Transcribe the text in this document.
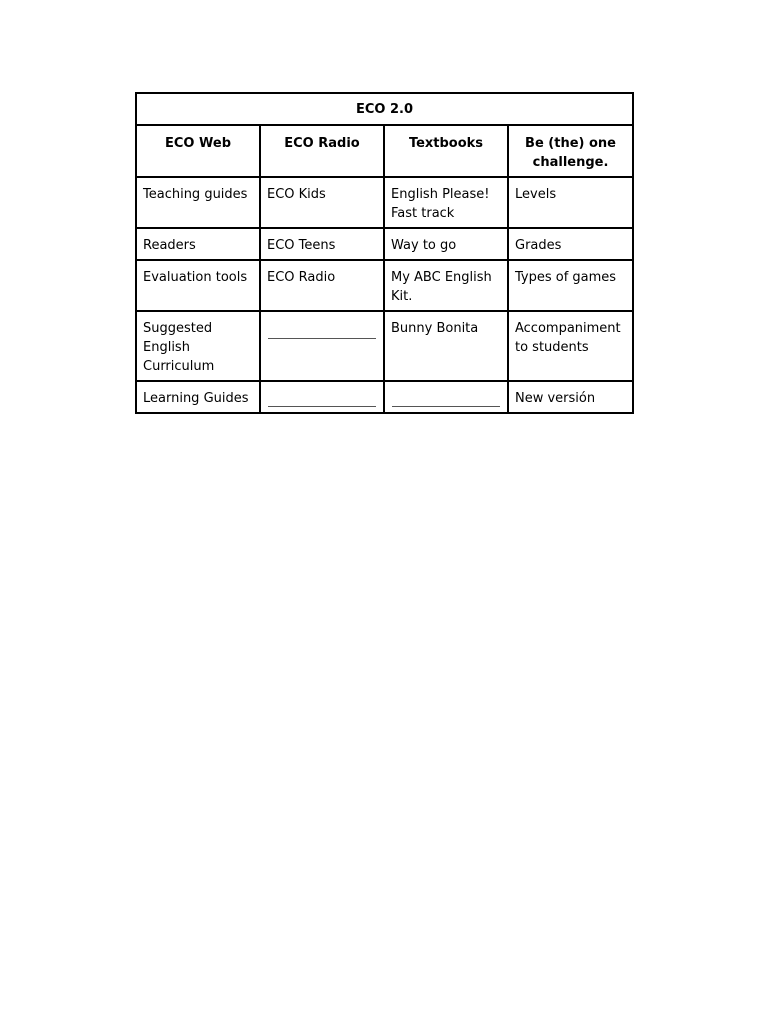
ECO 2.0			
ECO Web	ECO Radio	Textbooks	Be (the) one challenge.
Teaching guides	ECO Kids	English Please! Fast track	Levels
Readers	ECO Teens	Way to go	Grades
Evaluation tools	ECO Radio	My ABC English Kit.	Types of games
Suggested English Curriculum		Bunny Bonita	Accompaniment to students
Learning Guides			New versión
